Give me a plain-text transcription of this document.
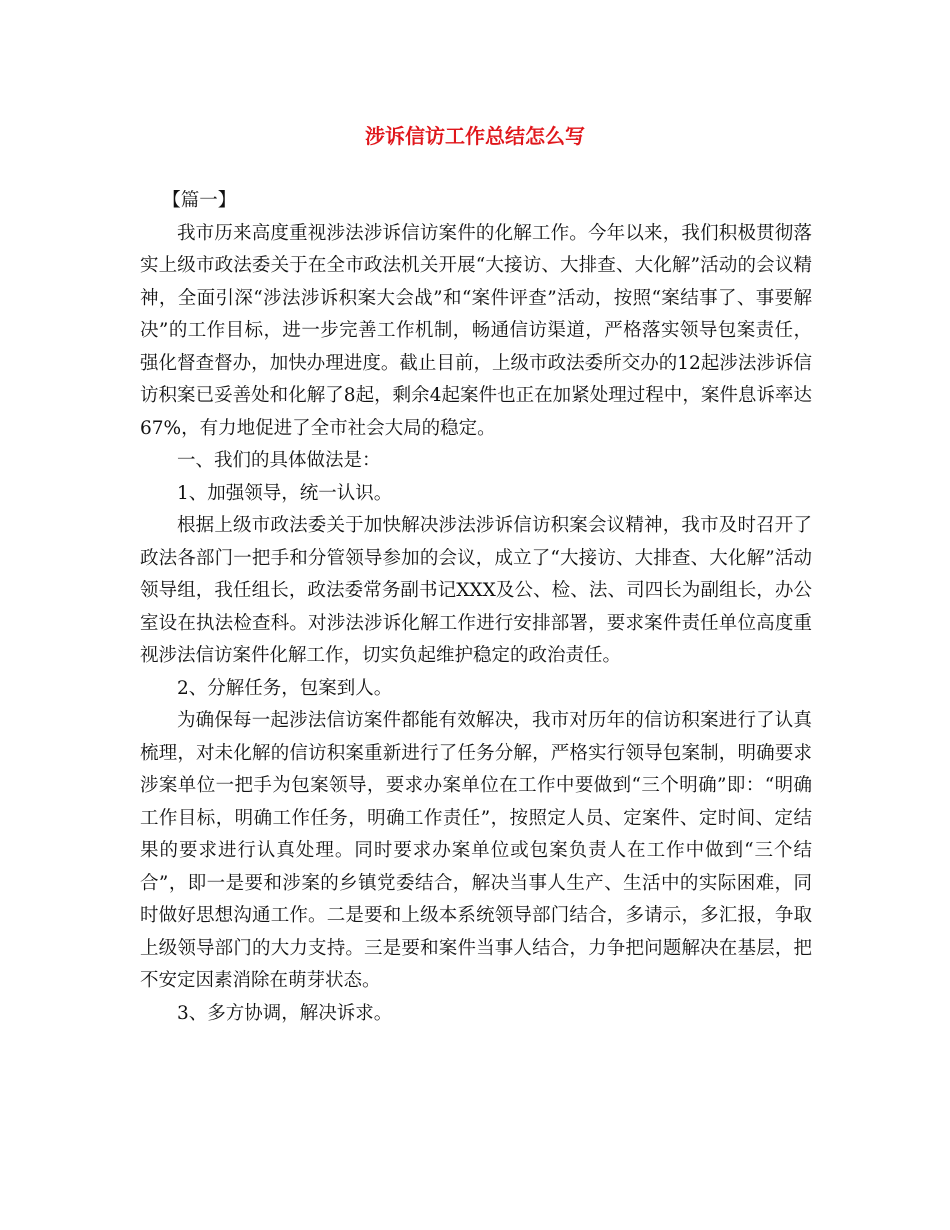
涉诉信访工作总结怎么写

【篇一】

我市历来高度重视涉法涉诉信访案件的化解工作。今年以来，我们积极贯彻落实上级市政法委关于在全市政法机关开展“大接访、大排查、大化解”活动的会议精神，全面引深“涉法涉诉积案大会战”和“案件评查”活动，按照“案结事了、事要解决”的工作目标，进一步完善工作机制，畅通信访渠道，严格落实领导包案责任，强化督查督办，加快办理进度。截止目前，上级市政法委所交办的12起涉法涉诉信访积案已妥善处和化解了8起，剩余4起案件也正在加紧处理过程中，案件息诉率达67%，有力地促进了全市社会大局的稳定。

一、我们的具体做法是：

1、加强领导，统一认识。

根据上级市政法委关于加快解决涉法涉诉信访积案会议精神，我市及时召开了政法各部门一把手和分管领导参加的会议，成立了“大接访、大排查、大化解”活动领导组，我任组长，政法委常务副书记XXX及公、检、法、司四长为副组长，办公室设在执法检查科。对涉法涉诉化解工作进行安排部署，要求案件责任单位高度重视涉法信访案件化解工作，切实负起维护稳定的政治责任。

2、分解任务，包案到人。

为确保每一起涉法信访案件都能有效解决，我市对历年的信访积案进行了认真梳理，对未化解的信访积案重新进行了任务分解，严格实行领导包案制，明确要求涉案单位一把手为包案领导，要求办案单位在工作中要做到“三个明确”即：“明确工作目标，明确工作任务，明确工作责任”，按照定人员、定案件、定时间、定结果的要求进行认真处理。同时要求办案单位或包案负责人在工作中做到“三个结合”，即一是要和涉案的乡镇党委结合，解决当事人生产、生活中的实际困难，同时做好思想沟通工作。二是要和上级本系统领导部门结合，多请示，多汇报，争取上级领导部门的大力支持。三是要和案件当事人结合，力争把问题解决在基层，把不安定因素消除在萌芽状态。

3、多方协调，解决诉求。
